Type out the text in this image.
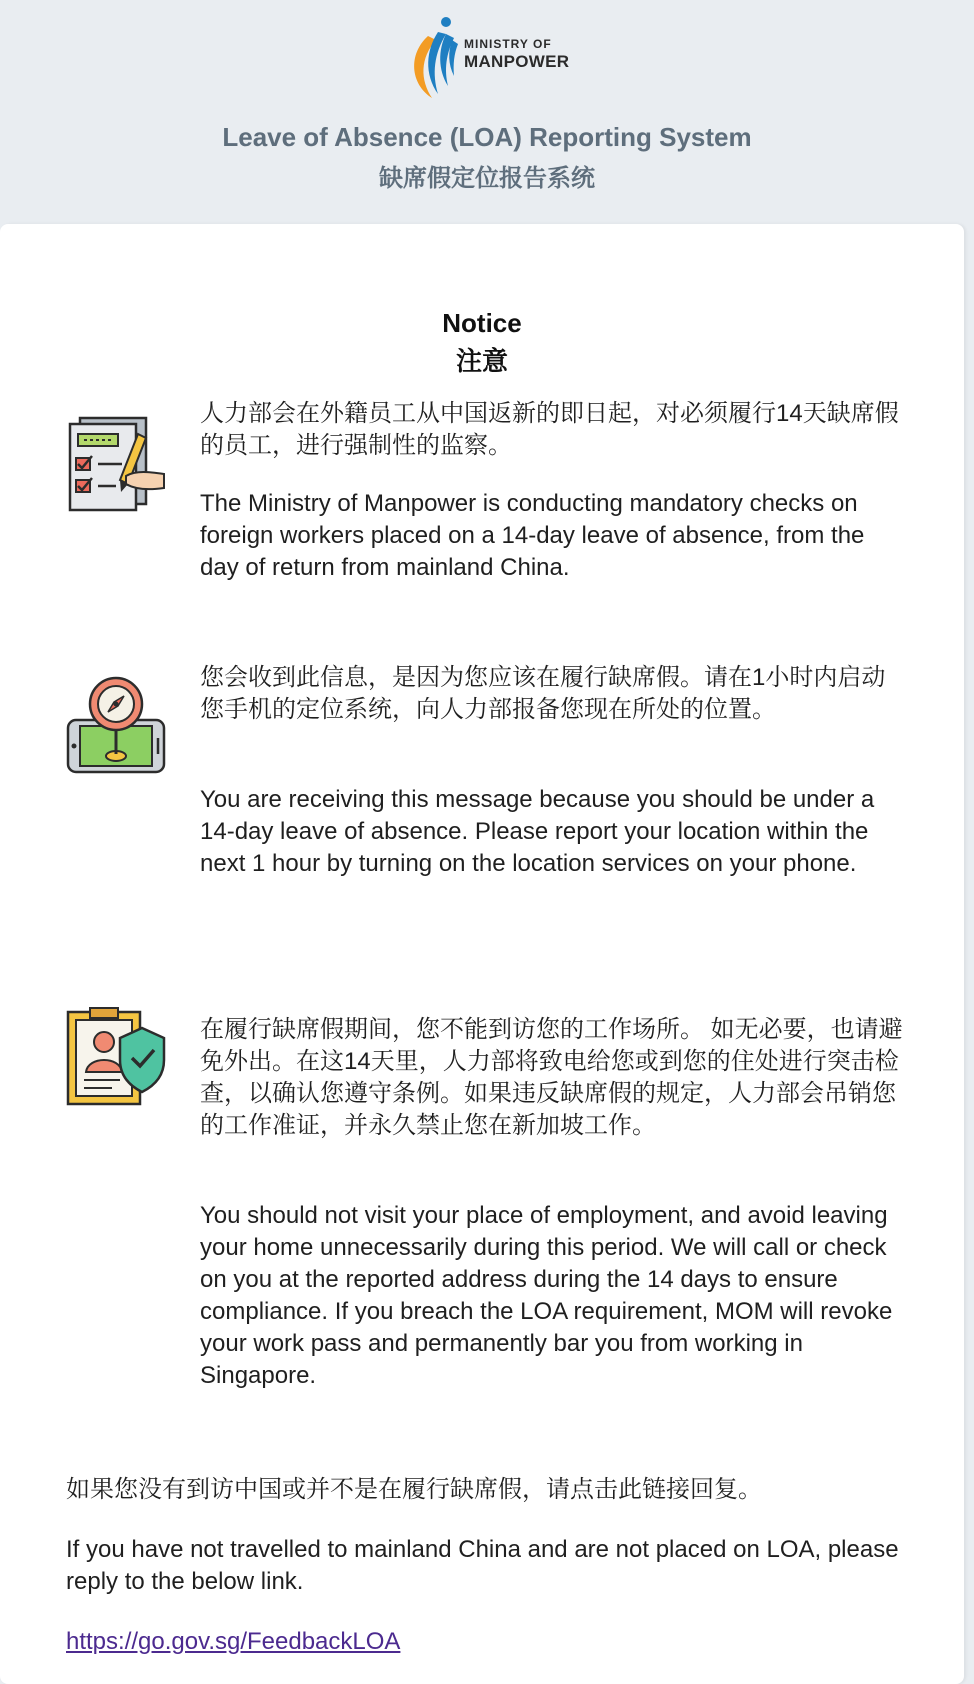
MINISTRY OF
MANPOWER
Leave of Absence (LOA) Reporting System
缺席假定位报告系统
Notice
注意
人力部会在外籍员工从中国返新的即日起，对必须履行14天缺席假的员工，进行强制性的监察。
The Ministry of Manpower is conducting mandatory checks on foreign workers placed on a 14-day leave of absence, from the day of return from mainland China.
您会收到此信息，是因为您应该在履行缺席假。请在1小时内启动您手机的定位系统，向人力部报备您现在所处的位置。
You are receiving this message because you should be under a 14-day leave of absence. Please report your location within the next 1 hour by turning on the location services on your phone.
在履行缺席假期间，您不能到访您的工作场所。 如无必要，也请避免外出。在这14天里，人力部将致电给您或到您的住处进行突击检查，以确认您遵守条例。如果违反缺席假的规定，人力部会吊销您的工作准证，并永久禁止您在新加坡工作。
You should not visit your place of employment, and avoid leaving your home unnecessarily during this period. We will call or check on you at the reported address during the 14 days to ensure compliance. If you breach the LOA requirement, MOM will revoke your work pass and permanently bar you from working in Singapore.
如果您没有到访中国或并不是在履行缺席假，请点击此链接回复。
If you have not travelled to mainland China and are not placed on LOA, please reply to the below link.
https://go.gov.sg/FeedbackLOA
